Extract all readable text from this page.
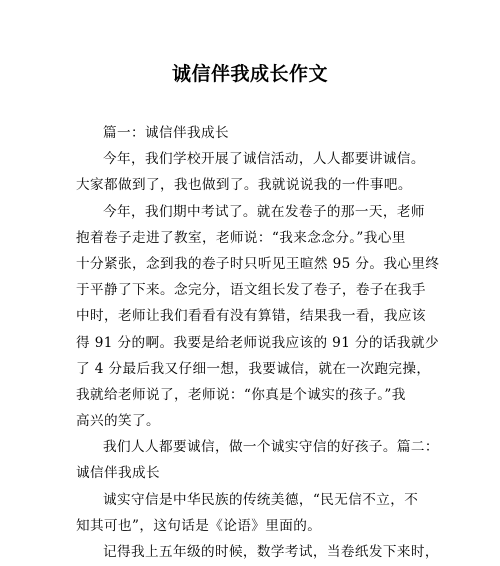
诚信伴我成长作文
篇一：诚信伴我成长
今年，我们学校开展了诚信活动，人人都要讲诚信。
大家都做到了，我也做到了。我就说说我的一件事吧。
今年，我们期中考试了。就在发卷子的那一天，老师
抱着卷子走进了教室，老师说：“我来念念分。”我心里
十分紧张，念到我的卷子时只听见王暄然 95 分。我心里终
于平静了下来。念完分，语文组长发了卷子，卷子在我手
中时，老师让我们看看有没有算错，结果我一看，我应该
得 91 分的啊。我要是给老师说我应该的 91 分的话我就少
了 4 分最后我又仔细一想，我要诚信，就在一次跑完操，
我就给老师说了，老师说：“你真是个诚实的孩子。”我
高兴的笑了。
我们人人都要诚信，做一个诚实守信的好孩子。篇二：
诚信伴我成长
诚实守信是中华民族的传统美德，“民无信不立，不
知其可也”，这句话是《论语》里面的。
记得我上五年级的时候，数学考试，当卷纸发下来时，
